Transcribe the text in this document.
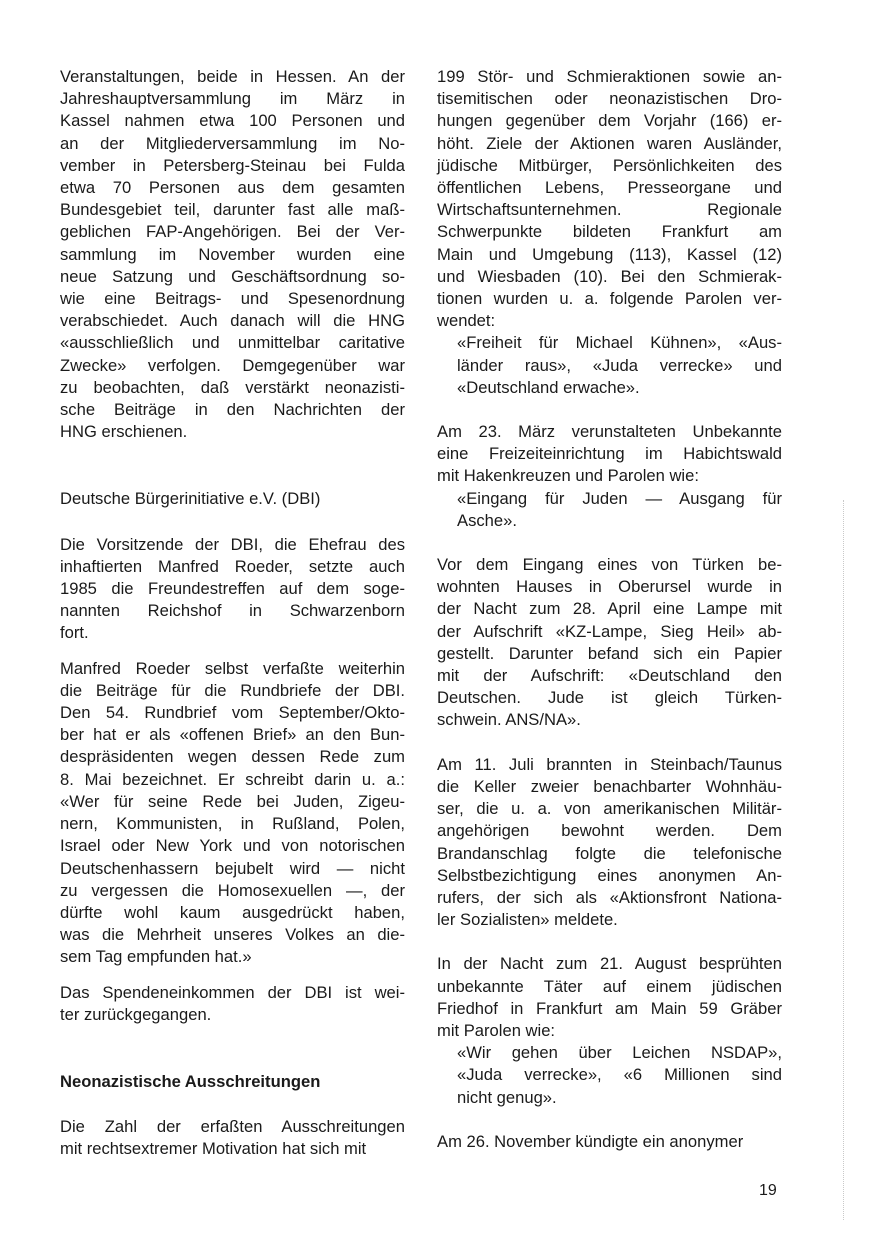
Veranstaltungen, beide in Hessen. An der
Jahreshauptversammlung im März in
Kassel nahmen etwa 100 Personen und
an der Mitgliederversammlung im No-
vember in Petersberg-Steinau bei Fulda
etwa 70 Personen aus dem gesamten
Bundesgebiet teil, darunter fast alle maß-
geblichen FAP-Angehörigen. Bei der Ver-
sammlung im November wurden eine
neue Satzung und Geschäftsordnung so-
wie eine Beitrags- und Spesenordnung
verabschiedet. Auch danach will die HNG
«ausschließlich und unmittelbar caritative
Zwecke» verfolgen. Demgegenüber war
zu beobachten, daß verstärkt neonazisti-
sche Beiträge in den Nachrichten der
HNG erschienen.
Deutsche Bürgerinitiative e.V. (DBI)
Die Vorsitzende der DBI, die Ehefrau des
inhaftierten Manfred Roeder, setzte auch
1985 die Freundestreffen auf dem soge-
nannten Reichshof in Schwarzenborn
fort.
Manfred Roeder selbst verfaßte weiterhin
die Beiträge für die Rundbriefe der DBI.
Den 54. Rundbrief vom September/Okto-
ber hat er als «offenen Brief» an den Bun-
despräsidenten wegen dessen Rede zum
8. Mai bezeichnet. Er schreibt darin u. a.:
«Wer für seine Rede bei Juden, Zigeu-
nern, Kommunisten, in Rußland, Polen,
Israel oder New York und von notorischen
Deutschenhassern bejubelt wird — nicht
zu vergessen die Homosexuellen —, der
dürfte wohl kaum ausgedrückt haben,
was die Mehrheit unseres Volkes an die-
sem Tag empfunden hat.»
Das Spendeneinkommen der DBI ist wei-
ter zurückgegangen.
Neonazistische Ausschreitungen
Die Zahl der erfaßten Ausschreitungen
mit rechtsextremer Motivation hat sich mit
199 Stör- und Schmieraktionen sowie an-
tisemitischen oder neonazistischen Dro-
hungen gegenüber dem Vorjahr (166) er-
höht. Ziele der Aktionen waren Ausländer,
jüdische Mitbürger, Persönlichkeiten des
öffentlichen Lebens, Presseorgane und
Wirtschaftsunternehmen. Regionale
Schwerpunkte bildeten Frankfurt am
Main und Umgebung (113), Kassel (12)
und Wiesbaden (10). Bei den Schmierak-
tionen wurden u. a. folgende Parolen ver-
wendet:
«Freiheit für Michael Kühnen», «Aus-
länder raus», «Juda verrecke» und
«Deutschland erwache».
Am 23. März verunstalteten Unbekannte
eine Freizeiteinrichtung im Habichtswald
mit Hakenkreuzen und Parolen wie:
«Eingang für Juden — Ausgang für
Asche».
Vor dem Eingang eines von Türken be-
wohnten Hauses in Oberursel wurde in
der Nacht zum 28. April eine Lampe mit
der Aufschrift «KZ-Lampe, Sieg Heil» ab-
gestellt. Darunter befand sich ein Papier
mit der Aufschrift: «Deutschland den
Deutschen. Jude ist gleich Türken-
schwein. ANS/NA».
Am 11. Juli brannten in Steinbach/Taunus
die Keller zweier benachbarter Wohnhäu-
ser, die u. a. von amerikanischen Militär-
angehörigen bewohnt werden. Dem
Brandanschlag folgte die telefonische
Selbstbezichtigung eines anonymen An-
rufers, der sich als «Aktionsfront Nationa-
ler Sozialisten» meldete.
In der Nacht zum 21. August besprühten
unbekannte Täter auf einem jüdischen
Friedhof in Frankfurt am Main 59 Gräber
mit Parolen wie:
«Wir gehen über Leichen NSDAP»,
«Juda verrecke», «6 Millionen sind
nicht genug».
Am 26. November kündigte ein anonymer
19
